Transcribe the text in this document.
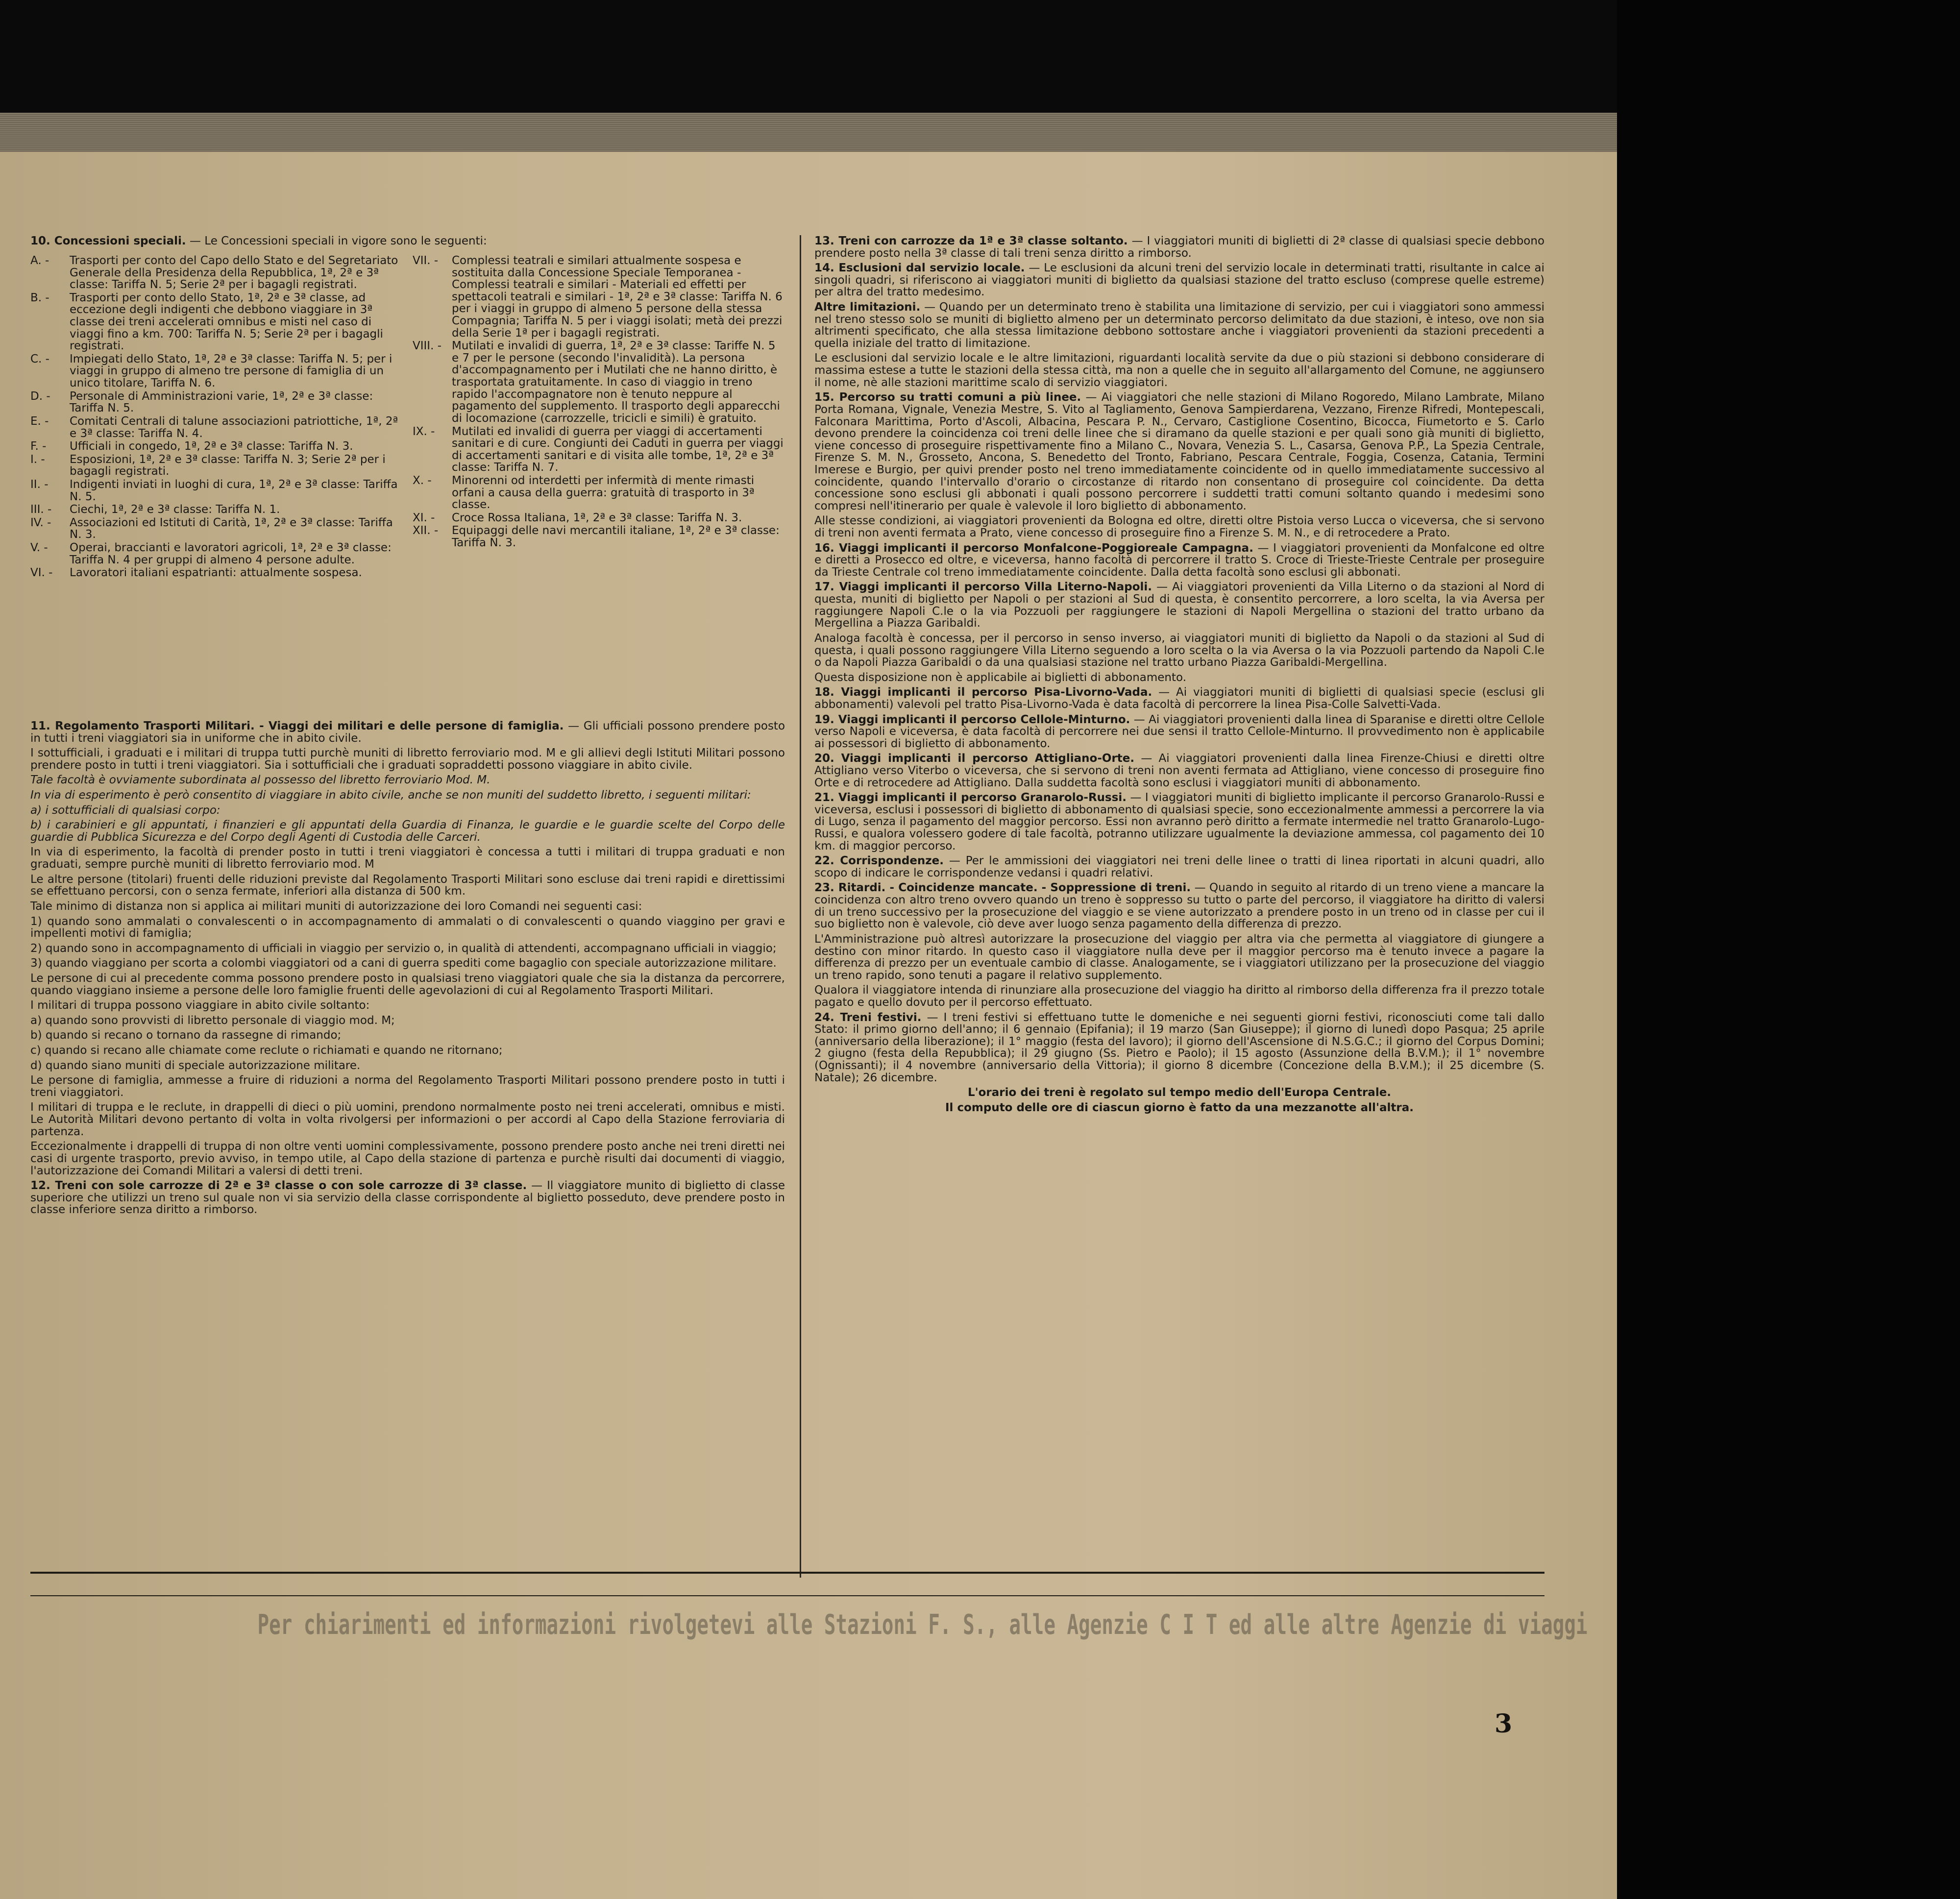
10. Concessioni speciali. — Le Concessioni speciali in vigore sono le seguenti:
A. -	Trasporti per conto del Capo dello Stato e del Segretariato Generale della Presidenza della Repubblica, 1ª, 2ª e 3ª classe: Tariffa N. 5; Serie 2ª per i bagagli registrati.
B. -	Trasporti per conto dello Stato, 1ª, 2ª e 3ª classe, ad eccezione degli indigenti che debbono viaggiare in 3ª classe dei treni accelerati omnibus e misti nel caso di viaggi fino a km. 700: Tariffa N. 5; Serie 2ª per i bagagli registrati.
C. -	Impiegati dello Stato, 1ª, 2ª e 3ª classe: Tariffa N. 5; per i viaggi in gruppo di almeno tre persone di famiglia di un unico titolare, Tariffa N. 6.
D. -	Personale di Amministrazioni varie, 1ª, 2ª e 3ª classe: Tariffa N. 5.
E. -	Comitati Centrali di talune associazioni patriottiche, 1ª, 2ª e 3ª classe: Tariffa N. 4.
F. -	Ufficiali in congedo, 1ª, 2ª e 3ª classe: Tariffa N. 3.
I. -	Esposizioni, 1ª, 2ª e 3ª classe: Tariffa N. 3; Serie 2ª per i bagagli registrati.
II. -	Indigenti inviati in luoghi di cura, 1ª, 2ª e 3ª classe: Tariffa N. 5.
III. -	Ciechi, 1ª, 2ª e 3ª classe: Tariffa N. 1.
IV. -	Associazioni ed Istituti di Carità, 1ª, 2ª e 3ª classe: Tariffa N. 3.
V. -	Operai, braccianti e lavoratori agricoli, 1ª, 2ª e 3ª classe: Tariffa N. 4 per gruppi di almeno 4 persone adulte.
VI. -	Lavoratori italiani espatrianti: attualmente sospesa.
VII. -	Complessi teatrali e similari attualmente sospesa e sostituita dalla Concessione Speciale Temporanea - Complessi teatrali e similari - Materiali ed effetti per spettacoli teatrali e similari - 1ª, 2ª e 3ª classe: Tariffa N. 6 per i viaggi in gruppo di almeno 5 persone della stessa Compagnia; Tariffa N. 5 per i viaggi isolati; metà dei prezzi della Serie 1ª per i bagagli registrati.
VIII. - Mutilati e invalidi di guerra, 1ª, 2ª e 3ª classe: Tariffe N. 5 e 7 per le persone (secondo l'invalidità). La persona d'accompagnamento per i Mutilati che ne hanno diritto, è trasportata gratuitamente. In caso di viaggio in treno rapido l'accompagnatore non è tenuto neppure al pagamento del supplemento. Il trasporto degli apparecchi di locomazione (carrozzelle, tricicli e simili) è gratuito.
IX. -	Mutilati ed invalidi di guerra per viaggi di accertamenti sanitari e di cure. Congiunti dei Caduti in guerra per viaggi di accertamenti sanitari e di visita alle tombe, 1ª, 2ª e 3ª classe: Tariffa N. 7.
X. -	Minorenni od interdetti per infermità di mente rimasti orfani a causa della guerra: gratuità di trasporto in 3ª classe.
XI. -	Croce Rossa Italiana, 1ª, 2ª e 3ª classe: Tariffa N. 3.
XII. -	Equipaggi delle navi mercantili italiane, 1ª, 2ª e 3ª classe: Tariffa N. 3.

11. Regolamento Trasporti Militari. - Viaggi dei militari e delle persone di famiglia. — Gli ufficiali possono prendere posto in tutti i treni viaggiatori sia in uniforme che in abito civile.

I sottufficiali, i graduati e i militari di truppa tutti purchè muniti di libretto ferroviario mod. M e gli allievi degli Istituti Militari possono prendere posto in tutti i treni viaggiatori. Sia i sottufficiali che i graduati sopraddetti possono viaggiare in abito civile.

Tale facoltà è ovviamente subordinata al possesso del libretto ferroviario Mod. M.

In via di esperimento è però consentito di viaggiare in abito civile, anche se non muniti del suddetto libretto, i seguenti militari:

a) i sottufficiali di qualsiasi corpo:

b) i carabinieri e gli appuntati, i finanzieri e gli appuntati della Guardia di Finanza, le guardie e le guardie scelte del Corpo delle guardie di Pubblica Sicurezza e del Corpo degli Agenti di Custodia delle Carceri.

In via di esperimento, la facoltà di prender posto in tutti i treni viaggiatori è concessa a tutti i militari di truppa graduati e non graduati, sempre purchè muniti di libretto ferroviario mod. M

Le altre persone (titolari) fruenti delle riduzioni previste dal Regolamento Trasporti Militari sono escluse dai treni rapidi e direttissimi se effettuano percorsi, con o senza fermate, inferiori alla distanza di 500 km.

Tale minimo di distanza non si applica ai militari muniti di autorizzazione dei loro Comandi nei seguenti casi:

1) quando sono ammalati o convalescenti o in accompagnamento di ammalati o di convalescenti o quando viaggino per gravi e impellenti motivi di famiglia;

2) quando sono in accompagnamento di ufficiali in viaggio per servizio o, in qualità di attendenti, accompagnano ufficiali in viaggio;

3) quando viaggiano per scorta a colombi viaggiatori od a cani di guerra spediti come bagaglio con speciale autorizzazione militare.

Le persone di cui al precedente comma possono prendere posto in qualsiasi treno viaggiatori quale che sia la distanza da percorrere, quando viaggiano insieme a persone delle loro famiglie fruenti delle agevolazioni di cui al Regolamento Trasporti Militari.

I militari di truppa possono viaggiare in abito civile soltanto:

a) quando sono provvisti di libretto personale di viaggio mod. M;

b) quando si recano o tornano da rassegne di rimando;

c) quando si recano alle chiamate come reclute o richiamati e quando ne ritornano;

d) quando siano muniti di speciale autorizzazione militare.

Le persone di famiglia, ammesse a fruire di riduzioni a norma del Regolamento Trasporti Militari possono prendere posto in tutti i treni viaggiatori.

I militari di truppa e le reclute, in drappelli di dieci o più uomini, prendono normalmente posto nei treni accelerati, omnibus e misti. Le Autorità Militari devono pertanto di volta in volta rivolgersi per informazioni o per accordi al Capo della Stazione ferroviaria di partenza.

Eccezionalmente i drappelli di truppa di non oltre venti uomini complessivamente, possono prendere posto anche nei treni diretti nei casi di urgente trasporto, previo avviso, in tempo utile, al Capo della stazione di partenza e purchè risulti dai documenti di viaggio, l'autorizzazione dei Comandi Militari a valersi di detti treni.

12. Treni con sole carrozze di 2ª e 3ª classe o con sole carrozze di 3ª classe. — Il viaggiatore munito di biglietto di classe superiore che utilizzi un treno sul quale non vi sia servizio della classe corrispondente al biglietto posseduto, deve prendere posto in classe inferiore senza diritto a rimborso.

13. Treni con carrozze da 1ª e 3ª classe soltanto. — I viaggiatori muniti di biglietti di 2ª classe di qualsiasi specie debbono prendere posto nella 3ª classe di tali treni senza diritto a rimborso.

14. Esclusioni dal servizio locale. — Le esclusioni da alcuni treni del servizio locale in determinati tratti, risultante in calce ai singoli quadri, si riferiscono ai viaggiatori muniti di biglietto da qualsiasi stazione del tratto escluso (comprese quelle estreme) per altra del tratto medesimo.

Altre limitazioni. — Quando per un determinato treno è stabilita una limitazione di servizio, per cui i viaggiatori sono ammessi nel treno stesso solo se muniti di biglietto almeno per un determinato percorso delimitato da due stazioni, è inteso, ove non sia altrimenti specificato, che alla stessa limitazione debbono sottostare anche i viaggiatori provenienti da stazioni precedenti a quella iniziale del tratto di limitazione.

Le esclusioni dal servizio locale e le altre limitazioni, riguardanti località servite da due o più stazioni si debbono considerare di massima estese a tutte le stazioni della stessa città, ma non a quelle che in seguito all'allargamento del Comune, ne aggiunsero il nome, nè alle stazioni marittime scalo di servizio viaggiatori.

15. Percorso su tratti comuni a più linee. — Ai viaggiatori che nelle stazioni di Milano Rogoredo, Milano Lambrate, Milano Porta Romana, Vignale, Venezia Mestre, S. Vito al Tagliamento, Genova Sampierdarena, Vezzano, Firenze Rifredi, Montepescali, Falconara Marittima, Porto d'Ascoli, Albacina, Pescara P. N., Cervaro, Castiglione Cosentino, Bicocca, Fiumetorto e S. Carlo devono prendere la coincidenza coi treni delle linee che si diramano da quelle stazioni e per quali sono già muniti di biglietto, viene concesso di proseguire rispettivamente fino a Milano C., Novara, Venezia S. L., Casarsa, Genova P.P., La Spezia Centrale, Firenze S. M. N., Grosseto, Ancona, S. Benedetto del Tronto, Fabriano, Pescara Centrale, Foggia, Cosenza, Catania, Termini Imerese e Burgio, per quivi prender posto nel treno immediatamente coincidente od in quello immediatamente successivo al coincidente, quando l'intervallo d'orario o circostanze di ritardo non consentano di proseguire col coincidente. Da detta concessione sono esclusi gli abbonati i quali possono percorrere i suddetti tratti comuni soltanto quando i medesimi sono compresi nell'itinerario per quale è valevole il loro biglietto di abbonamento.

Alle stesse condizioni, ai viaggiatori provenienti da Bologna ed oltre, diretti oltre Pistoia verso Lucca o viceversa, che si servono di treni non aventi fermata a Prato, viene concesso di proseguire fino a Firenze S. M. N., e di retrocedere a Prato.

16. Viaggi implicanti il percorso Monfalcone-Poggioreale Campagna. — I viaggiatori provenienti da Monfalcone ed oltre e diretti a Prosecco ed oltre, e viceversa, hanno facoltà di percorrere il tratto S. Croce di Trieste-Trieste Centrale per proseguire da Trieste Centrale col treno immediatamente coincidente. Dalla detta facoltà sono esclusi gli abbonati.

17. Viaggi implicanti il percorso Villa Literno-Napoli. — Ai viaggiatori provenienti da Villa Literno o da stazioni al Nord di questa, muniti di biglietto per Napoli o per stazioni al Sud di questa, è consentito percorrere, a loro scelta, la via Aversa per raggiungere Napoli C.le o la via Pozzuoli per raggiungere le stazioni di Napoli Mergellina o stazioni del tratto urbano da Mergellina a Piazza Garibaldi.

Analoga facoltà è concessa, per il percorso in senso inverso, ai viaggiatori muniti di biglietto da Napoli o da stazioni al Sud di questa, i quali possono raggiungere Villa Literno seguendo a loro scelta o la via Aversa o la via Pozzuoli partendo da Napoli C.le o da Napoli Piazza Garibaldi o da una qualsiasi stazione nel tratto urbano Piazza Garibaldi-Mergellina.

Questa disposizione non è applicabile ai biglietti di abbonamento.

18. Viaggi implicanti il percorso Pisa-Livorno-Vada. — Ai viaggiatori muniti di biglietti di qualsiasi specie (esclusi gli abbonamenti) valevoli pel tratto Pisa-Livorno-Vada è data facoltà di percorrere la linea Pisa-Colle Salvetti-Vada.

19. Viaggi implicanti il percorso Cellole-Minturno. — Ai viaggiatori provenienti dalla linea di Sparanise e diretti oltre Cellole verso Napoli e viceversa, è data facoltà di percorrere nei due sensi il tratto Cellole-Minturno. Il provvedimento non è applicabile ai possessori di biglietto di abbonamento.

20. Viaggi implicanti il percorso Attigliano-Orte. — Ai viaggiatori provenienti dalla linea Firenze-Chiusi e diretti oltre Attigliano verso Viterbo o viceversa, che si servono di treni non aventi fermata ad Attigliano, viene concesso di proseguire fino Orte e di retrocedere ad Attigliano. Dalla suddetta facoltà sono esclusi i viaggiatori muniti di abbonamento.

21. Viaggi implicanti il percorso Granarolo-Russi. — I viaggiatori muniti di biglietto implicante il percorso Granarolo-Russi e viceversa, esclusi i possessori di biglietto di abbonamento di qualsiasi specie, sono eccezionalmente ammessi a percorrere la via di Lugo, senza il pagamento del maggior percorso. Essi non avranno però diritto a fermate intermedie nel tratto Granarolo-Lugo-Russi, e qualora volessero godere di tale facoltà, potranno utilizzare ugualmente la deviazione ammessa, col pagamento dei 10 km. di maggior percorso.

22. Corrispondenze. — Per le ammissioni dei viaggiatori nei treni delle linee o tratti di linea riportati in alcuni quadri, allo scopo di indicare le corrispondenze vedansi i quadri relativi.

23. Ritardi. - Coincidenze mancate. - Soppressione di treni. — Quando in seguito al ritardo di un treno viene a mancare la coincidenza con altro treno ovvero quando un treno è soppresso su tutto o parte del percorso, il viaggiatore ha diritto di valersi di un treno successivo per la prosecuzione del viaggio e se viene autorizzato a prendere posto in un treno od in classe per cui il suo biglietto non è valevole, ciò deve aver luogo senza pagamento della differenza di prezzo.

L'Amministrazione può altresì autorizzare la prosecuzione del viaggio per altra via che permetta al viaggiatore di giungere a destino con minor ritardo. In questo caso il viaggiatore nulla deve per il maggior percorso ma è tenuto invece a pagare la differenza di prezzo per un eventuale cambio di classe. Analogamente, se i viaggiatori utilizzano per la prosecuzione del viaggio un treno rapido, sono tenuti a pagare il relativo supplemento.

Qualora il viaggiatore intenda di rinunziare alla prosecuzione del viaggio ha diritto al rimborso della differenza fra il prezzo totale pagato e quello dovuto per il percorso effettuato.

24. Treni festivi. — I treni festivi si effettuano tutte le domeniche e nei seguenti giorni festivi, riconosciuti come tali dallo Stato: il primo giorno dell'anno; il 6 gennaio (Epifania); il 19 marzo (San Giuseppe); il giorno di lunedì dopo Pasqua; 25 aprile (anniversario della liberazione); il 1° maggio (festa del lavoro); il giorno dell'Ascensione di N.S.G.C.; il giorno del Corpus Domini; 2 giugno (festa della Repubblica); il 29 giugno (Ss. Pietro e Paolo); il 15 agosto (Assunzione della B.V.M.); il 1° novembre (Ognissanti); il 4 novembre (anniversario della Vittoria); il giorno 8 dicembre (Concezione della B.V.M.); il 25 dicembre (S. Natale); 26 dicembre.

L'orario dei treni è regolato sul tempo medio dell'Europa Centrale.

Il computo delle ore di ciascun giorno è fatto da una mezzanotte all'altra.

Per chiarimenti ed informazioni rivolgetevi alle Stazioni F. S., alle Agenzie C I T ed alle altre Agenzie di viaggi
3
